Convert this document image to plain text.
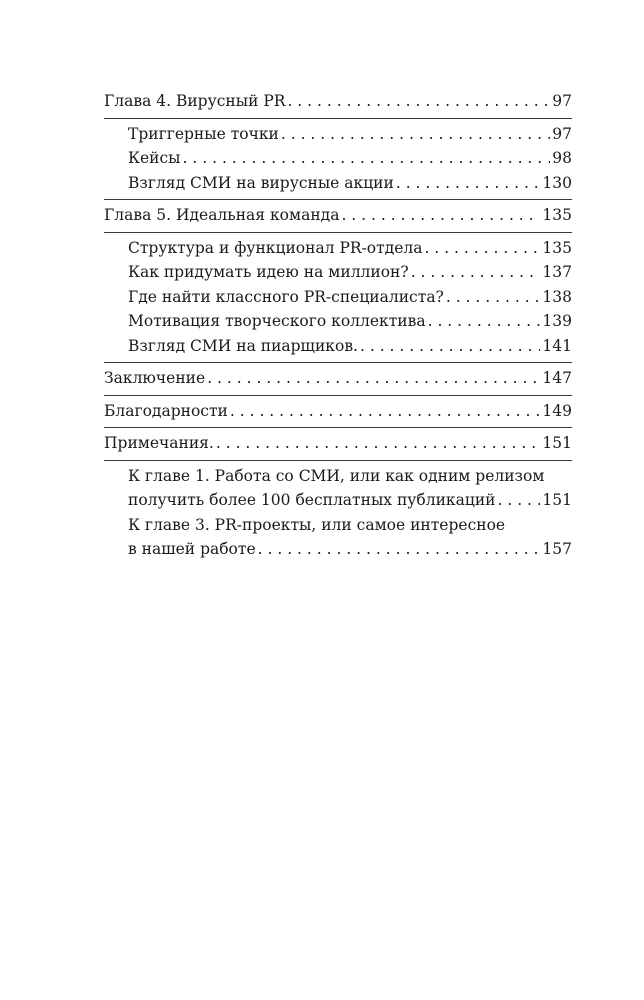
Глава 4. Вирусный PR . . .	97
Триггерные точки . . .	97
Кейсы . . .	98
Взгляд СМИ на вирусные акции . . .	130
Глава 5. Идеальная команда . . .	135
Структура и функционал PR-отдела . . .	135
Как придумать идею на миллион? . . .	137
Где найти классного PR-специалиста? . . .	138
Мотивация творческого коллектива . . .	139
Взгляд СМИ на пиарщиков. . . .	141
Заключение . . .	147
Благодарности . . .	149
Примечания. . . .	151
К главе 1. Работа со СМИ, или как одним релизом
получить более 100 бесплатных публикаций . . .	151
К главе 3. PR-проекты, или самое интересное
в нашей работе . . .	157
